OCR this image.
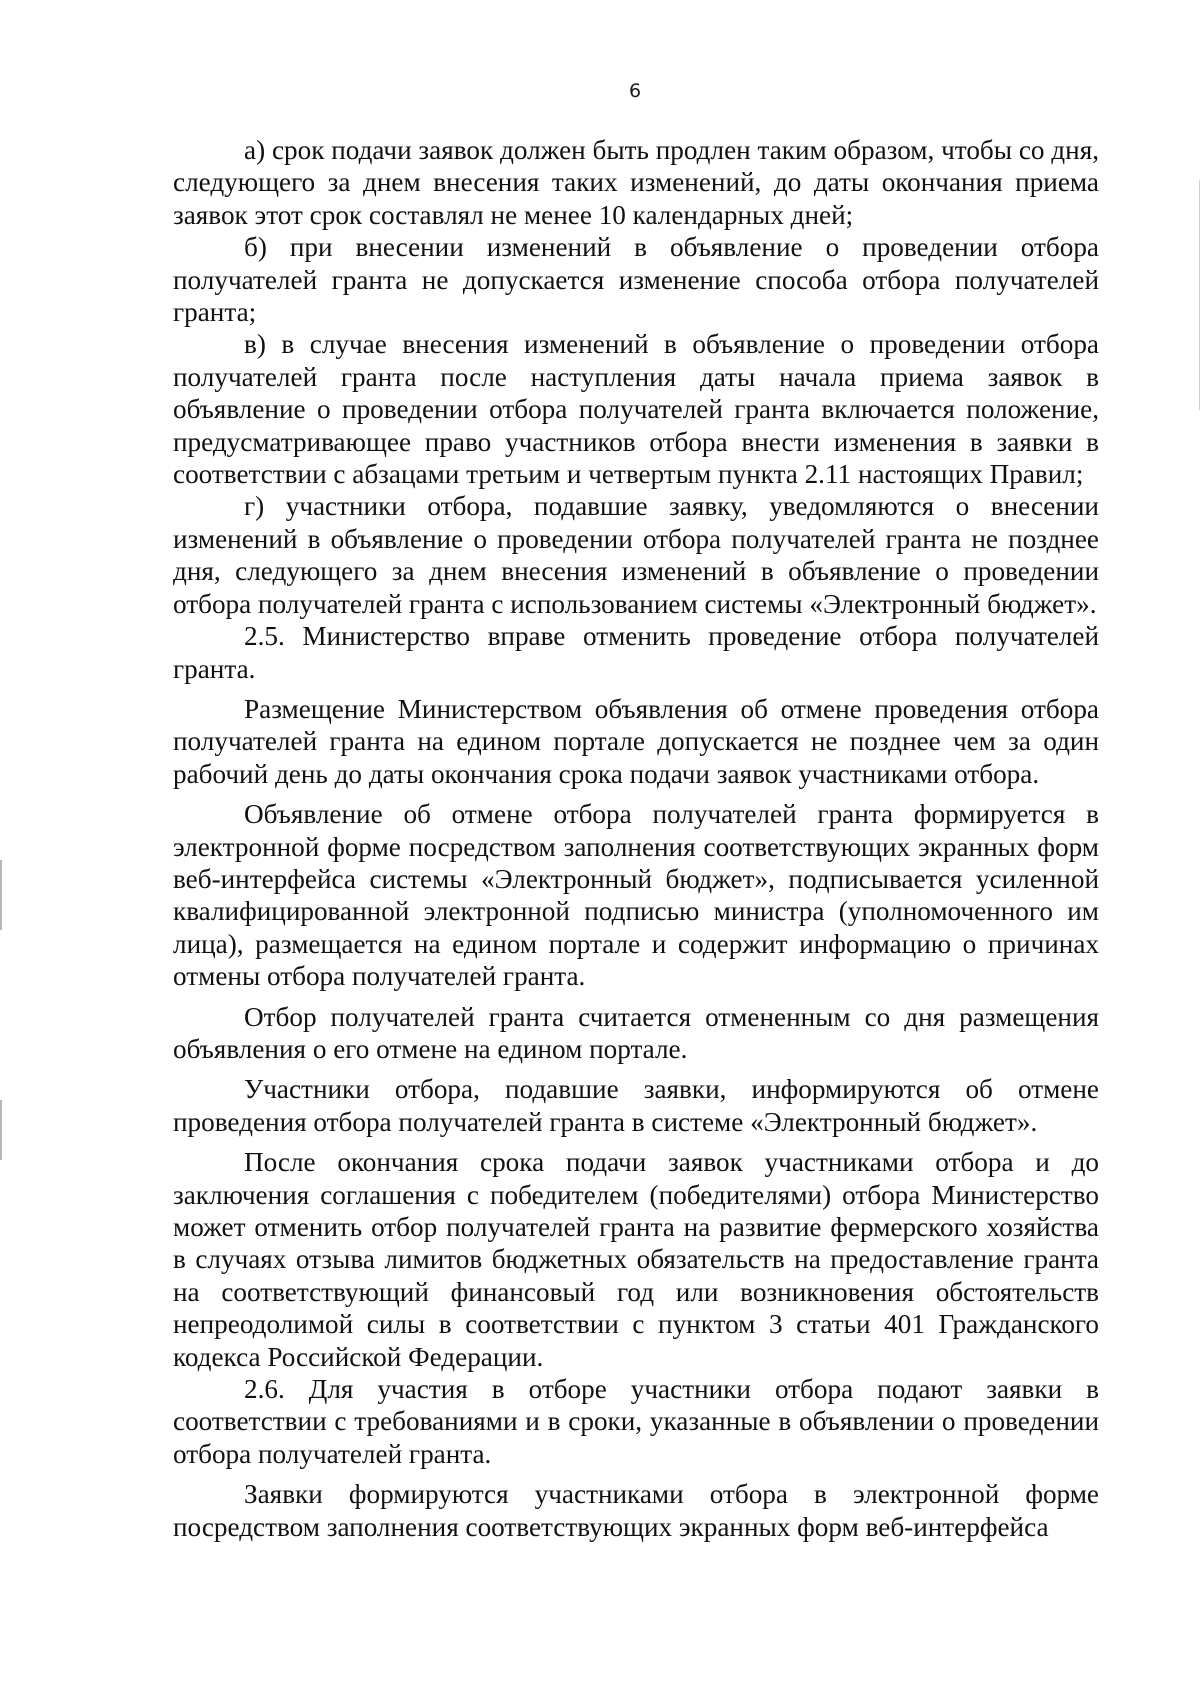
6

а) срок подачи заявок должен быть продлен таким образом, чтобы со дня, следующего за днем внесения таких изменений, до даты окончания приема заявок этот срок составлял не менее 10 календарных дней;

б) при внесении изменений в объявление о проведении отбора получателей гранта не допускается изменение способа отбора получателей гранта;

в) в случае внесения изменений в объявление о проведении отбора получателей гранта после наступления даты начала приема заявок в объявление о проведении отбора получателей гранта включается положение, предусматривающее право участников отбора внести изменения в заявки в соответствии с абзацами третьим и четвертым пункта 2.11 настоящих Правил;

г) участники отбора, подавшие заявку, уведомляются о внесении изменений в объявление о проведении отбора получателей гранта не позднее дня, следующего за днем внесения изменений в объявление о проведении отбора получателей гранта с использованием системы «Электронный бюджет».

2.5. Министерство вправе отменить проведение отбора получателей гранта.

Размещение Министерством объявления об отмене проведения отбора получателей гранта на едином портале допускается не позднее чем за один рабочий день до даты окончания срока подачи заявок участниками отбора.

Объявление об отмене отбора получателей гранта формируется в электронной форме посредством заполнения соответствующих экранных форм веб-интерфейса системы «Электронный бюджет», подписывается усиленной квалифицированной электронной подписью министра (уполномоченного им лица), размещается на едином портале и содержит информацию о причинах отмены отбора получателей гранта.

Отбор получателей гранта считается отмененным со дня размещения объявления о его отмене на едином портале.

Участники отбора, подавшие заявки, информируются об отмене проведения отбора получателей гранта в системе «Электронный бюджет».

После окончания срока подачи заявок участниками отбора и до заключения соглашения с победителем (победителями) отбора Министерство может отменить отбор получателей гранта на развитие фермерского хозяйства в случаях отзыва лимитов бюджетных обязательств на предоставление гранта на соответствующий финансовый год или возникновения обстоятельств непреодолимой силы в соответствии с пунктом 3 статьи 401 Гражданского кодекса Российской Федерации.

2.6. Для участия в отборе участники отбора подают заявки в соответствии с требованиями и в сроки, указанные в объявлении о проведении отбора получателей гранта.

Заявки формируются участниками отбора в электронной форме посредством заполнения соответствующих экранных форм веб-интерфейса
